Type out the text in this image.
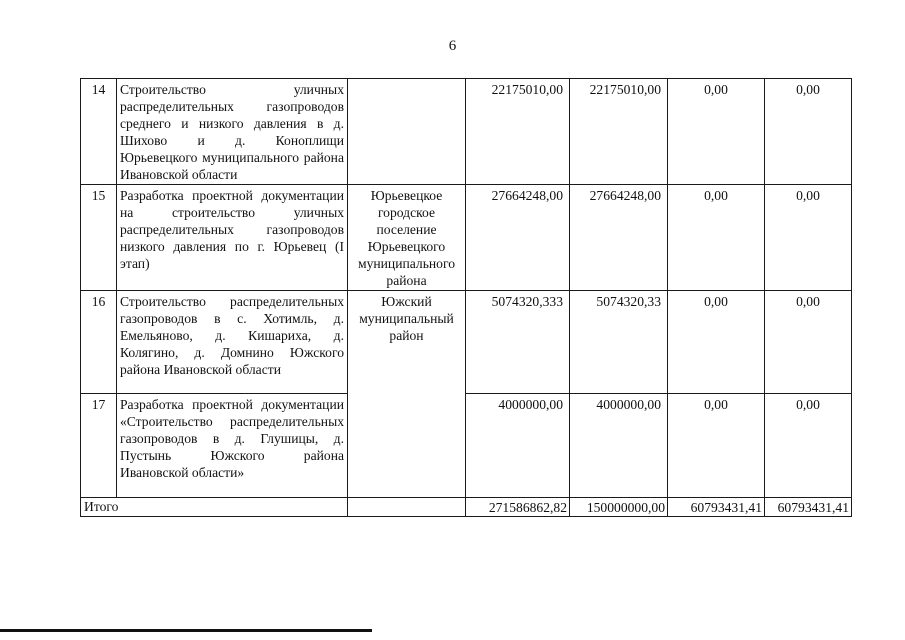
6
14	Строительство уличных распределительных газопроводов среднего и низкого давления в д. Шихово и д. Коноплищи Юрьевецкого муниципального района Ивановской области		22175010,00	22175010,00	0,00	0,00
15	Разработка проектной документации на строительство уличных распределительных газопроводов низкого давления по г. Юрьевец (I этап)	Юрьевецкое городское поселение Юрьевецкого муниципального района	27664248,00	27664248,00	0,00	0,00
16	Строительство распределительных газопроводов в с. Хотимль, д. Емельяново, д. Кишариха, д. Колягино, д. Домнино Южского района Ивановской области	Южский муниципальный район	5074320,333	5074320,33	0,00	0,00
17	Разработка проектной документации «Строительство распределительных газопроводов в д. Глушицы, д. Пустынь Южского района Ивановской области»		4000000,00	4000000,00	0,00	0,00
Итого			271586862,82	150000000,00	60793431,41	60793431,41
